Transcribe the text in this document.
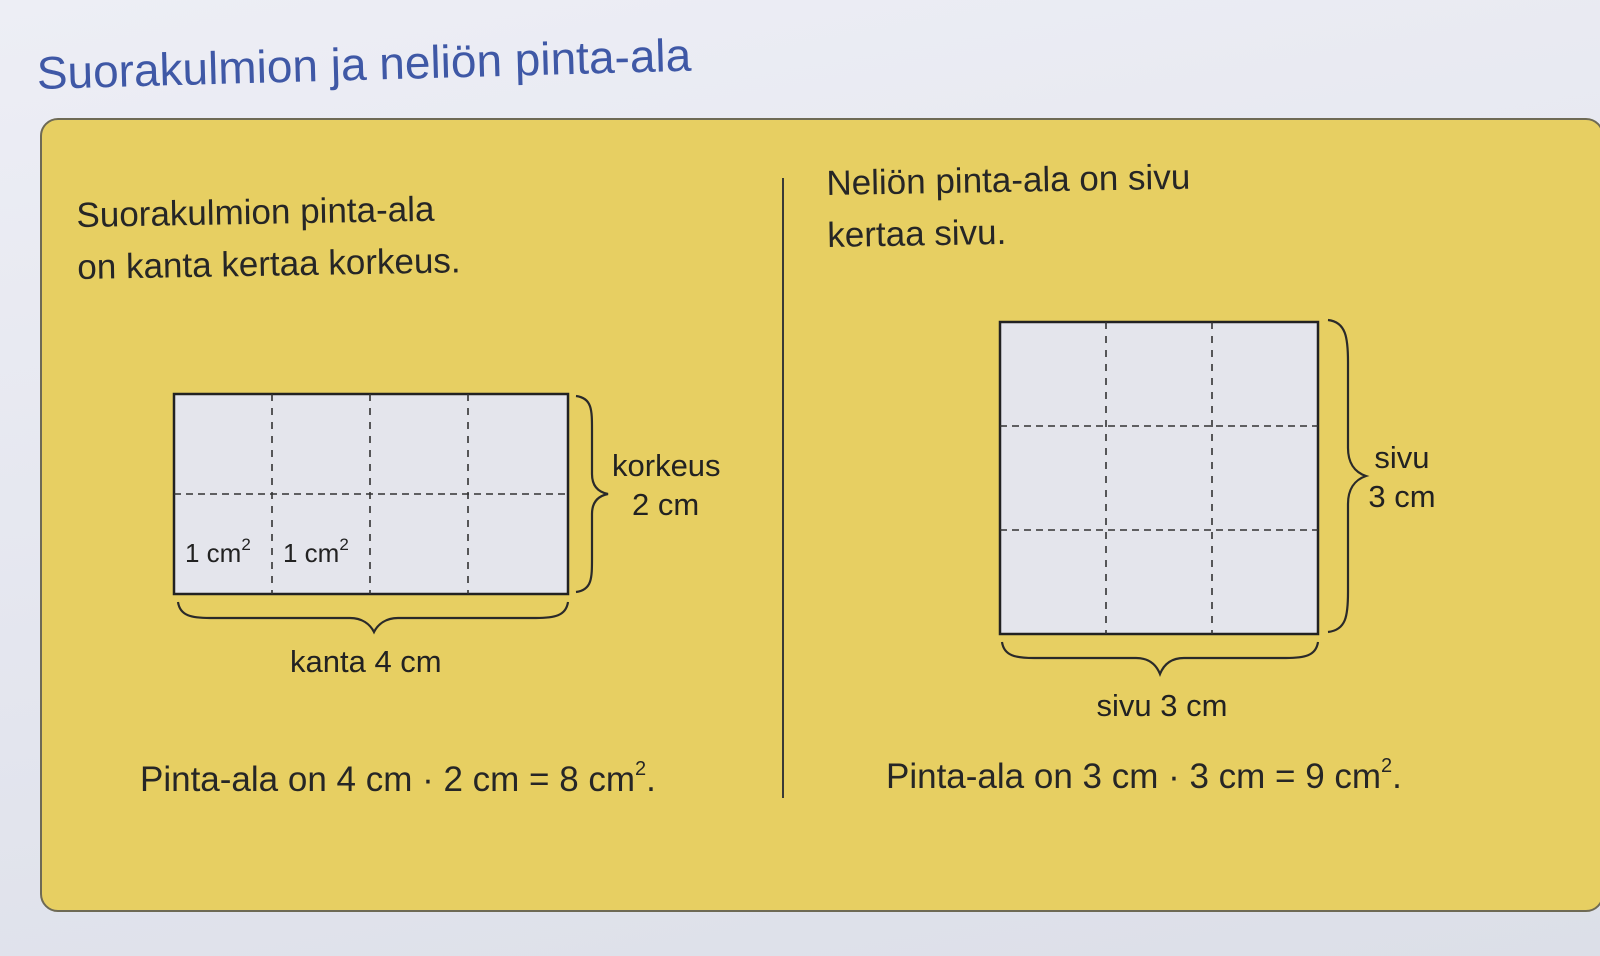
Suorakulmion ja neliön pinta-ala
Suorakulmion pinta-ala
on kanta kertaa korkeus.
Neliön pinta-ala on sivu
kertaa sivu.
1 $cm^2$ 1 $cm^2$
korkeus
2 cm
kanta 4 cm
sivu
3 cm
sivu 3 cm
Pinta-ala on 4 cm · 2 cm = 8 $cm^2$.	Pinta-ala on 3 cm · 3 cm = 9 $cm^2$.
